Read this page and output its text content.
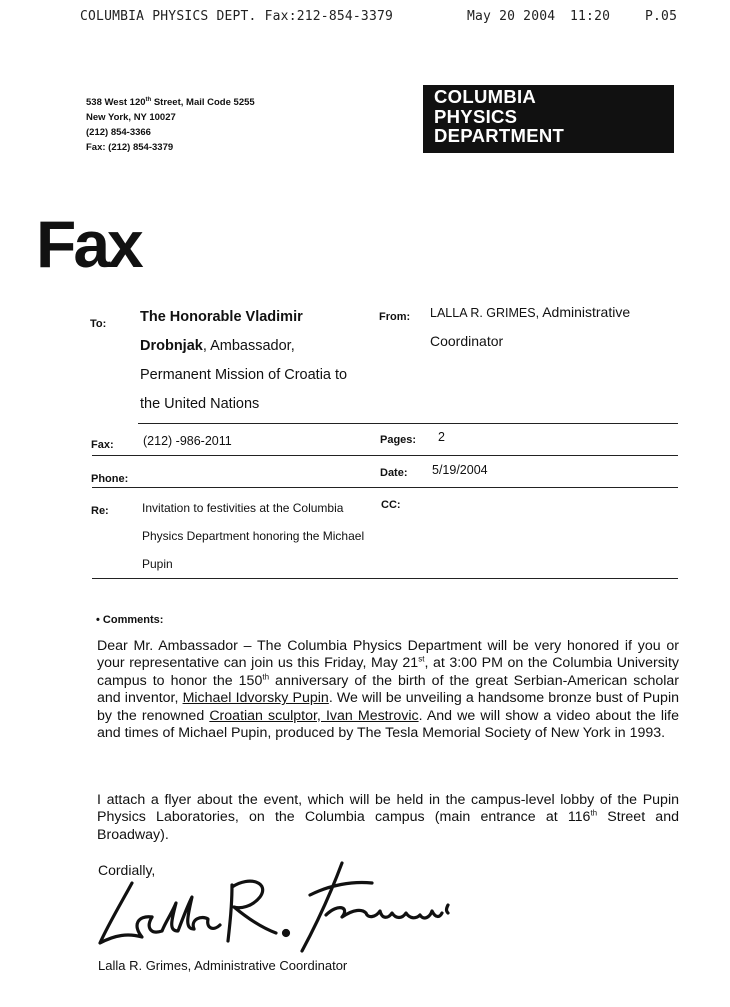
COLUMBIA PHYSICS DEPT. Fax:212-854-3379	May 20 2004 11:20	P.05
538 West 120th Street, Mail Code 5255
New York, NY 10027
(212) 854-3366
Fax: (212) 854-3379
COLUMBIA
PHYSICS
DEPARTMENT
Fax
To: The Honorable Vladimir
Drobnjak, Ambassador,
Permanent Mission of Croatia to
the United Nations
From: LALLA R. GRIMES, Administrative
Coordinator
Fax: (212) -986-2011	Pages: 2
Phone:	Date: 5/19/2004
Re:	Invitation to festivities at the Columbia
Physics Department honoring the Michael
Pupin
CC:
• Comments:
Dear Mr. Ambassador – The Columbia Physics Department will be very honored if you or your representative can join us this Friday, May 21st, at 3:00 PM on the Columbia University campus to honor the 150th anniversary of the birth of the great Serbian-American scholar and inventor, Michael Idvorsky Pupin. We will be unveiling a handsome bronze bust of Pupin by the renowned Croatian sculptor, Ivan Mestrovic. And we will show a video about the life and times of Michael Pupin, produced by The Tesla Memorial Society of New York in 1993.
I attach a flyer about the event, which will be held in the campus-level lobby of the Pupin Physics Laboratories, on the Columbia campus (main entrance at 116th Street and Broadway).
Cordially,
Lalla R. Grimes, Administrative Coordinator
